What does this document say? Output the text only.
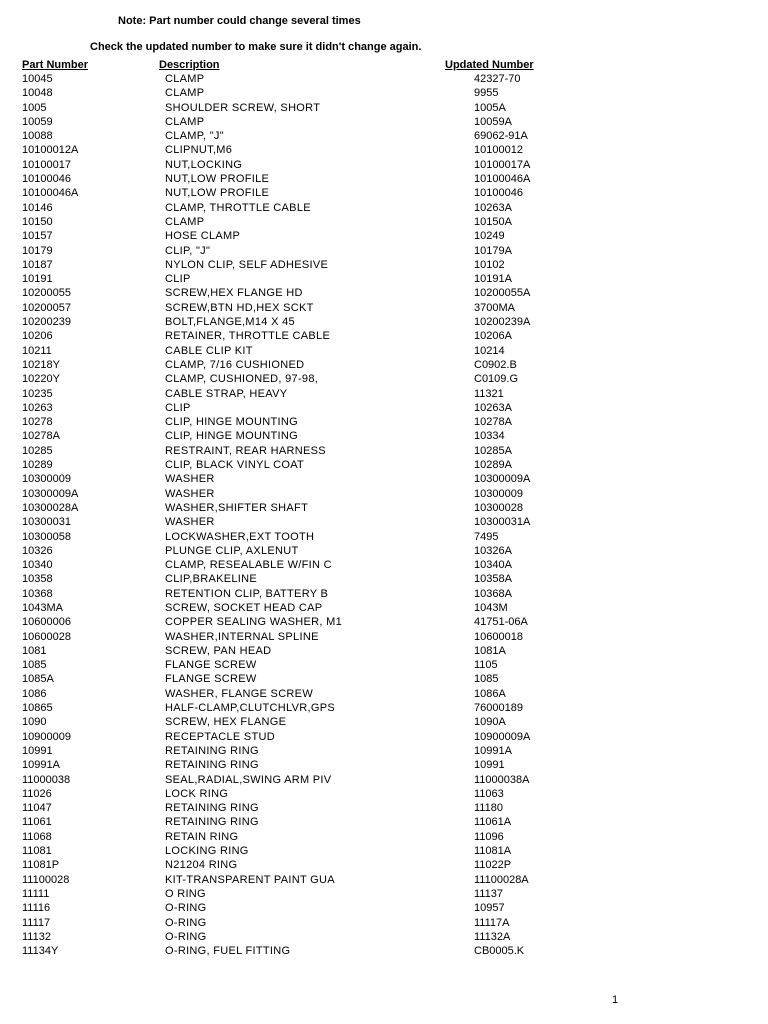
Note: Part number could change several times
Check the updated number to make sure it didn't change again.
Part Number	Description	Updated Number
10045	CLAMP	42327-70
10048	CLAMP	9955
1005	SHOULDER SCREW, SHORT	1005A
10059	CLAMP	10059A
10088	CLAMP, "J"	69062-91A
10100012A	CLIPNUT,M6	10100012
10100017	NUT,LOCKING	10100017A
10100046	NUT,LOW PROFILE	10100046A
10100046A	NUT,LOW PROFILE	10100046
10146	CLAMP, THROTTLE CABLE	10263A
10150	CLAMP	10150A
10157	HOSE CLAMP	10249
10179	CLIP, "J"	10179A
10187	NYLON CLIP, SELF ADHESIVE	10102
10191	CLIP	10191A
10200055	SCREW,HEX FLANGE HD	10200055A
10200057	SCREW,BTN HD,HEX SCKT	3700MA
10200239	BOLT,FLANGE,M14 X 45	10200239A
10206	RETAINER, THROTTLE CABLE	10206A
10211	CABLE CLIP KIT	10214
10218Y	CLAMP, 7/16 CUSHIONED	C0902.B
10220Y	CLAMP, CUSHIONED, 97-98,	C0109.G
10235	CABLE STRAP, HEAVY	11321
10263	CLIP	10263A
10278	CLIP, HINGE MOUNTING	10278A
10278A	CLIP, HINGE MOUNTING	10334
10285	RESTRAINT, REAR HARNESS	10285A
10289	CLIP, BLACK VINYL COAT	10289A
10300009	WASHER	10300009A
10300009A	WASHER	10300009
10300028A	WASHER,SHIFTER SHAFT	10300028
10300031	WASHER	10300031A
10300058	LOCKWASHER,EXT TOOTH	7495
10326	PLUNGE CLIP, AXLENUT	10326A
10340	CLAMP, RESEALABLE W/FIN C	10340A
10358	CLIP,BRAKELINE	10358A
10368	RETENTION CLIP, BATTERY B	10368A
1043MA	SCREW, SOCKET HEAD CAP	1043M
10600006	COPPER SEALING WASHER, M1	41751-06A
10600028	WASHER,INTERNAL SPLINE	10600018
1081	SCREW, PAN HEAD	1081A
1085	FLANGE SCREW	1105
1085A	FLANGE SCREW	1085
1086	WASHER, FLANGE SCREW	1086A
10865	HALF-CLAMP,CLUTCHLVR,GPS	76000189
1090	SCREW, HEX FLANGE	1090A
10900009	RECEPTACLE STUD	10900009A
10991	RETAINING RING	10991A
10991A	RETAINING RING	10991
11000038	SEAL,RADIAL,SWING ARM PIV	11000038A
11026	LOCK RING	11063
11047	RETAINING RING	11180
11061	RETAINING RING	11061A
11068	RETAIN RING	11096
11081	LOCKING RING	11081A
11081P	N21204 RING	11022P
11100028	KIT-TRANSPARENT PAINT GUA	11100028A
11111	O RING	11137
11116	O-RING	10957
11117	O-RING	11117A
11132	O-RING	11132A
11134Y	O-RING, FUEL FITTING	CB0005.K
1
